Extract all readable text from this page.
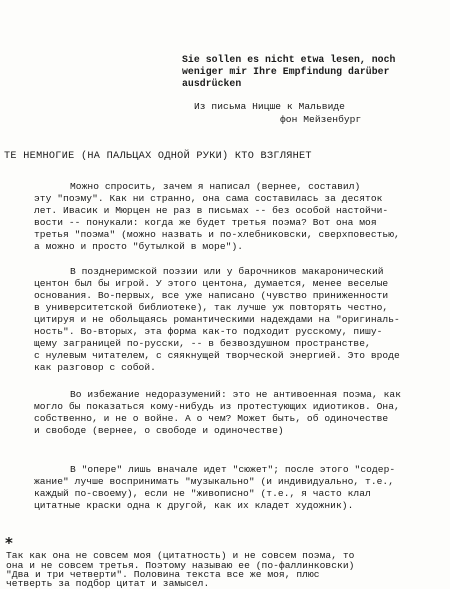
Sie sollen es nicht etwa lesen, noch
weniger mir Ihre Empfindung darüber
ausdrücken
Из письма Ницше к Мальвиде
фон Мейзенбург
ТЕ НЕМНОГИЕ (НА ПАЛЬЦАХ ОДНОЙ РУКИ) КТО ВЗГЛЯНЕТ
Можно спросить, зачем я написал (вернее, составил)
эту "поэму". Как ни странно, она сама составилась за десяток
лет. Ивасик и Мюрцен не раз в письмах -- без особой настойчи-
вости -- понукали: когда же будет третья поэма? Вот она моя
третья "поэма" (можно назвать и по-хлебниковски, сверхповестью,
а можно и просто "бутылкой в море").
В позднеримской поэзии или у барочников макаронический
центон был бы игрой. У этого центона, думается, менее веселые
основания. Во-первых, все уже написано (чувство приниженности
в университетской библиотеке), так лучше уж повторять честно,
цитируя и не обольщаясь романтическими надеждами на "оригиналь-
ность". Во-вторых, эта форма как-то подходит русскому, пишу-
щему заграницей по-русски, -- в безвоздушном пространстве,
с нулевым читателем, с сяякнущей творческой энергией. Это вроде
как разговор с собой.
Во избежание недоразумений: это не антивоенная поэма, как
могло бы показаться кому-нибудь из протестующих идиотиков. Она,
собственно, и не о войне. А о чем? Может быть, об одиночестве
и свободе (вернее, о свободе и одиночестве)
В "опере" лишь вначале идет "сюжет"; после этого "содер-
жание" лучше воспринимать "музыкально" (и индивидуально, т.е.,
каждый по-своему), если не "живописно" (т.е., я часто клал
цитатные краски одна к другой, как их кладет художник).
*
Так как она не совсем моя (цитатность) и не совсем поэма, то
она и не совсем третья. Поэтому называю ее (по-фаллинковски)
"Два и три четверти". Половина текста все же моя, плюс
четверть за подбор цитат и замысел.
